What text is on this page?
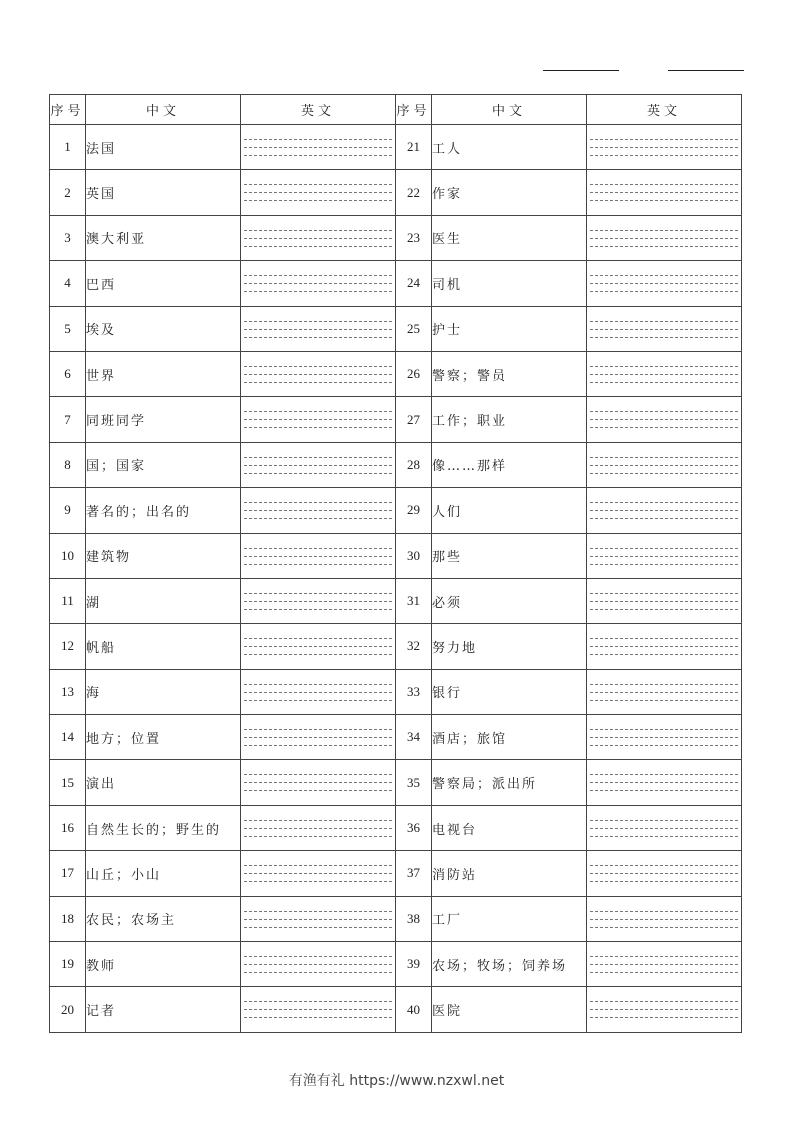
序号	中文	英文	序号	中文	英文
1	法国		21	工人	

2	英国		22	作家	

3	澳大利亚		23	医生	

4	巴西		24	司机	

5	埃及		25	护士	

6	世界		26	警察；警员	

7	同班同学		27	工作；职业	

8	国；国家		28	像……那样	

9	著名的；出名的		29	人们	

10	建筑物		30	那些	

11	湖		31	必须	

12	帆船		32	努力地	

13	海		33	银行	

14	地方；位置		34	酒店；旅馆	

15	演出		35	警察局；派出所	

16	自然生长的；野生的		36	电视台	

17	山丘；小山		37	消防站	

18	农民；农场主		38	工厂	

19	教师		39	农场；牧场；饲养场	

20	记者		40	医院	
有渔有礼 https://www.nzxwl.net
